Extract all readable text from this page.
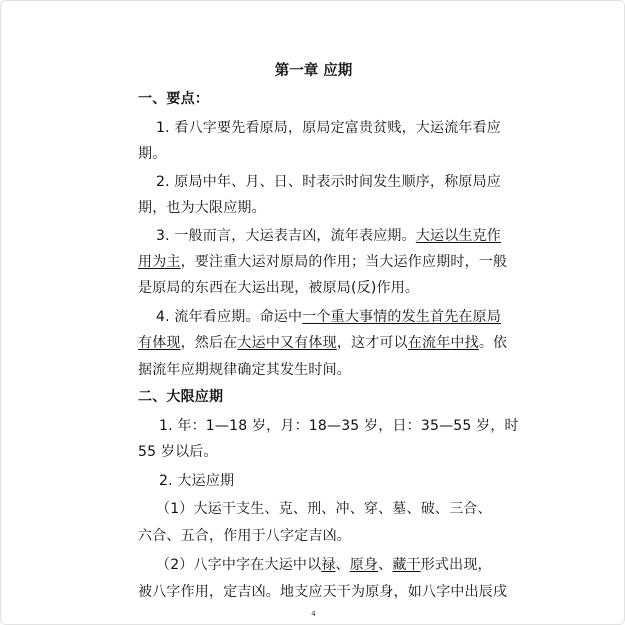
第一章 应期
一、要点：
1. 看八字要先看原局，原局定富贵贫贱，大运流年看应
期。
2. 原局中年、月、日、时表示时间发生顺序，称原局应
期，也为大限应期。
3. 一般而言，大运表吉凶，流年表应期。大运以生克作
用为主，要注重大运对原局的作用；当大运作应期时，一般
是原局的东西在大运出现，被原局(反)作用。
4. 流年看应期。命运中一个重大事情的发生首先在原局
有体现，然后在大运中又有体现，这才可以在流年中找。依
据流年应期规律确定其发生时间。
二、大限应期
1. 年：1—18 岁，月：18—35 岁，日：35—55 岁，时
55 岁以后。
2. 大运应期
（1）大运干支生、克、刑、冲、穿、墓、破、三合、
六合、五合，作用于八字定吉凶。
（2）八字中字在大运中以禄、原身、藏干形式出现，
被八字作用，定吉凶。地支应天干为原身，如八字中出辰戌
4
